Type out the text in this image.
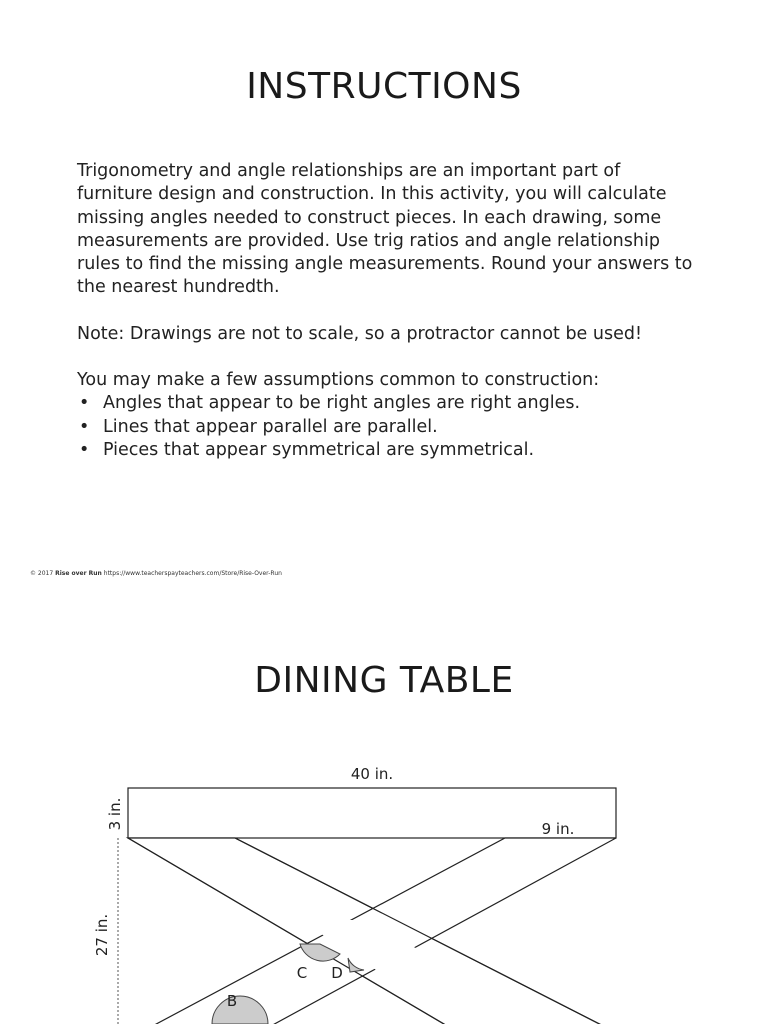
INSTRUCTIONS

Trigonometry and angle relationships are an important part of furniture design and construction. In this activity, you will calculate missing angles needed to construct pieces. In each drawing, some measurements are provided. Use trig ratios and angle relationship rules to find the missing angle measurements. Round your answers to the nearest hundredth.

Note: Drawings are not to scale, so a protractor cannot be used!

You may make a few assumptions common to construction:
• Angles that appear to be right angles are right angles.
• Lines that appear parallel are parallel.
• Pieces that appear symmetrical are symmetrical.
© 2017 Rise over Run https://www.teacherspayteachers.com/Store/Rise-Over-Run
DINING TABLE
40 in.
9 in.
3 in.
27 in.
B
C D
